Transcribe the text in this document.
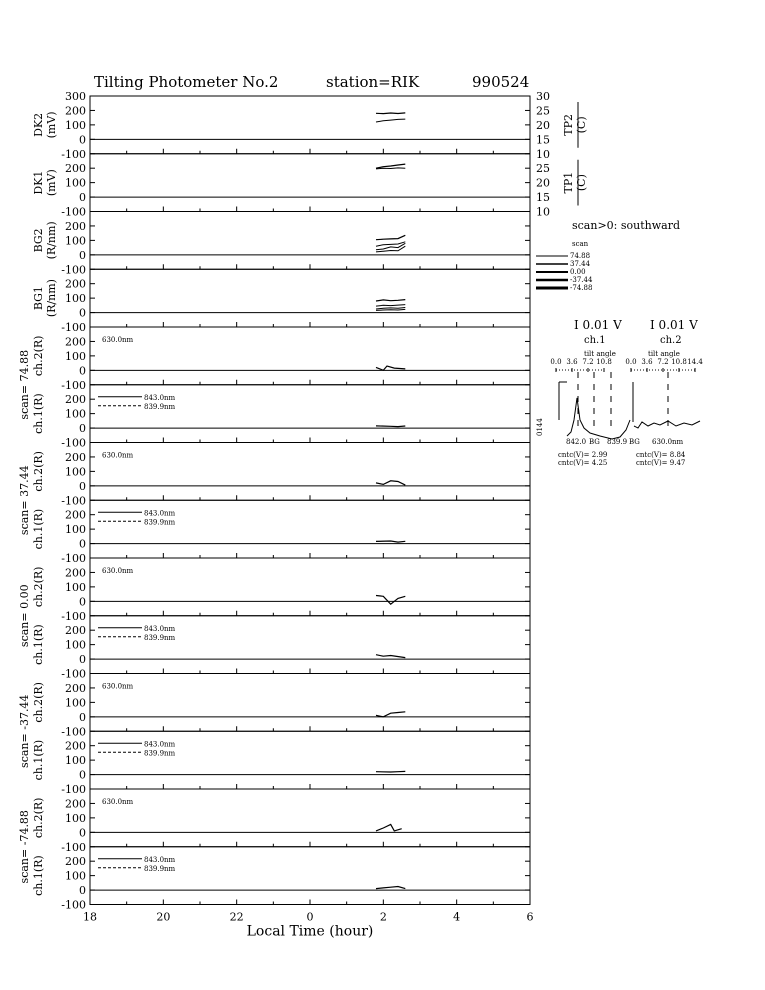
Tilting Photometer No.2	station=RIK	990524
300
200
100
0
-100
30
25
20
15
10
TP2 (C)
DK2 (mV)
200
100
0
-100
25
20
15
10
TP1 (C)
DK1 (mV)
200
100
0
-100
BG2 (R/nm)
200
100
0
-100
BG1 (R/nm)
200
100
0
-100
ch.2(R)
scan= 74.88
630.0nm
200
100
0
-100
ch.1(R)	843.0nm
839.9nm
200
100
0
-100
ch.2(R)
scan= 37.44
630.0nm
200
100
0
-100
ch.1(R)	843.0nm
839.9nm
200
100
0
-100
ch.2(R)
scan= 0.00
630.0nm
200
100
0
-100
ch.1(R)	843.0nm
839.9nm
200
100
0
-100
ch.2(R)
scan= -37.44
630.0nm
200
100
0
-100
ch.1(R)	843.0nm
839.9nm
200
100
0
-100
ch.2(R)
scan= -74.88
630.0nm
200
100
0
-100
ch.1(R)	843.0nm
839.9nm
18	20	22	0	2	4	6
Local Time (hour)
scan>0: southward
scan
74.88
37.44
0.00
-37.44
-74.88
I 0.01 V
ch.1
I 0.01 V
ch.2
tilt angle	tilt angle
0.0 3.6 7.2 10.8 0.0 3.6 7.2 10.8 14.4
0144
842.0 BG 839.9 BG 630.0nm
cntc(V)= 2.99
cntc(V)= 4.25
cntc(V)= 8.84
cntc(V)= 9.47
